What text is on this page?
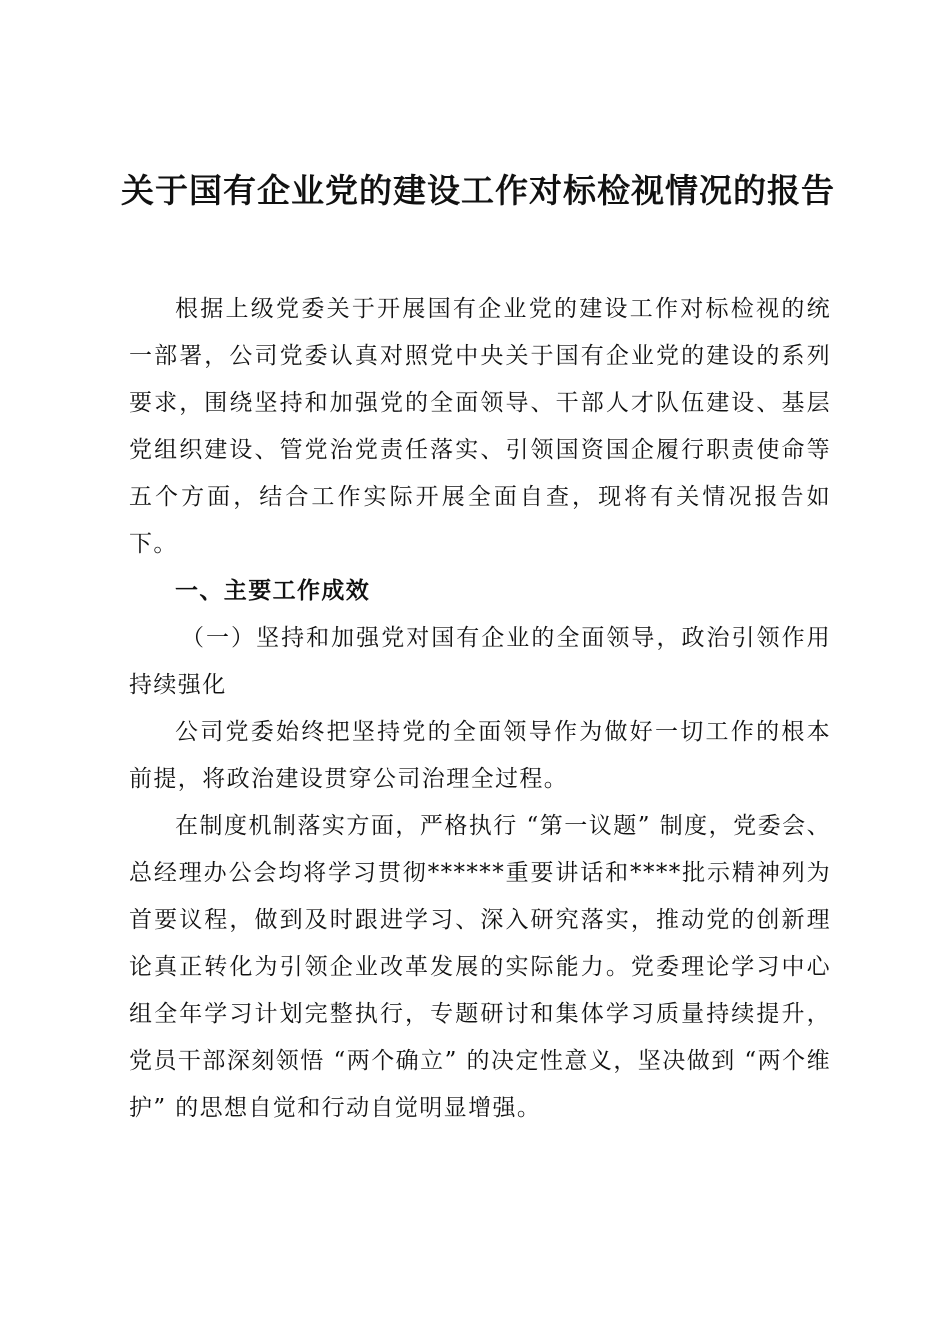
关于国有企业党的建设工作对标检视情况的报告

根据上级党委关于开展国有企业党的建设工作对标检视的统一部署，公司党委认真对照党中央关于国有企业党的建设的系列要求，围绕坚持和加强党的全面领导、干部人才队伍建设、基层党组织建设、管党治党责任落实、引领国资国企履行职责使命等五个方面，结合工作实际开展全面自查，现将有关情况报告如下。

一、主要工作成效

（一）坚持和加强党对国有企业的全面领导，政治引领作用持续强化

公司党委始终把坚持党的全面领导作为做好一切工作的根本前提，将政治建设贯穿公司治理全过程。

在制度机制落实方面，严格执行 “第一议题” 制度，党委会、总经理办公会均将学习贯彻******重要讲话和****批示精神列为首要议程，做到及时跟进学习、深入研究落实，推动党的创新理论真正转化为引领企业改革发展的实际能力。党委理论学习中心组全年学习计划完整执行，专题研讨和集体学习质量持续提升，党员干部深刻领悟 “两个确立” 的决定性意义，坚决做到 “两个维护” 的思想自觉和行动自觉明显增强。
